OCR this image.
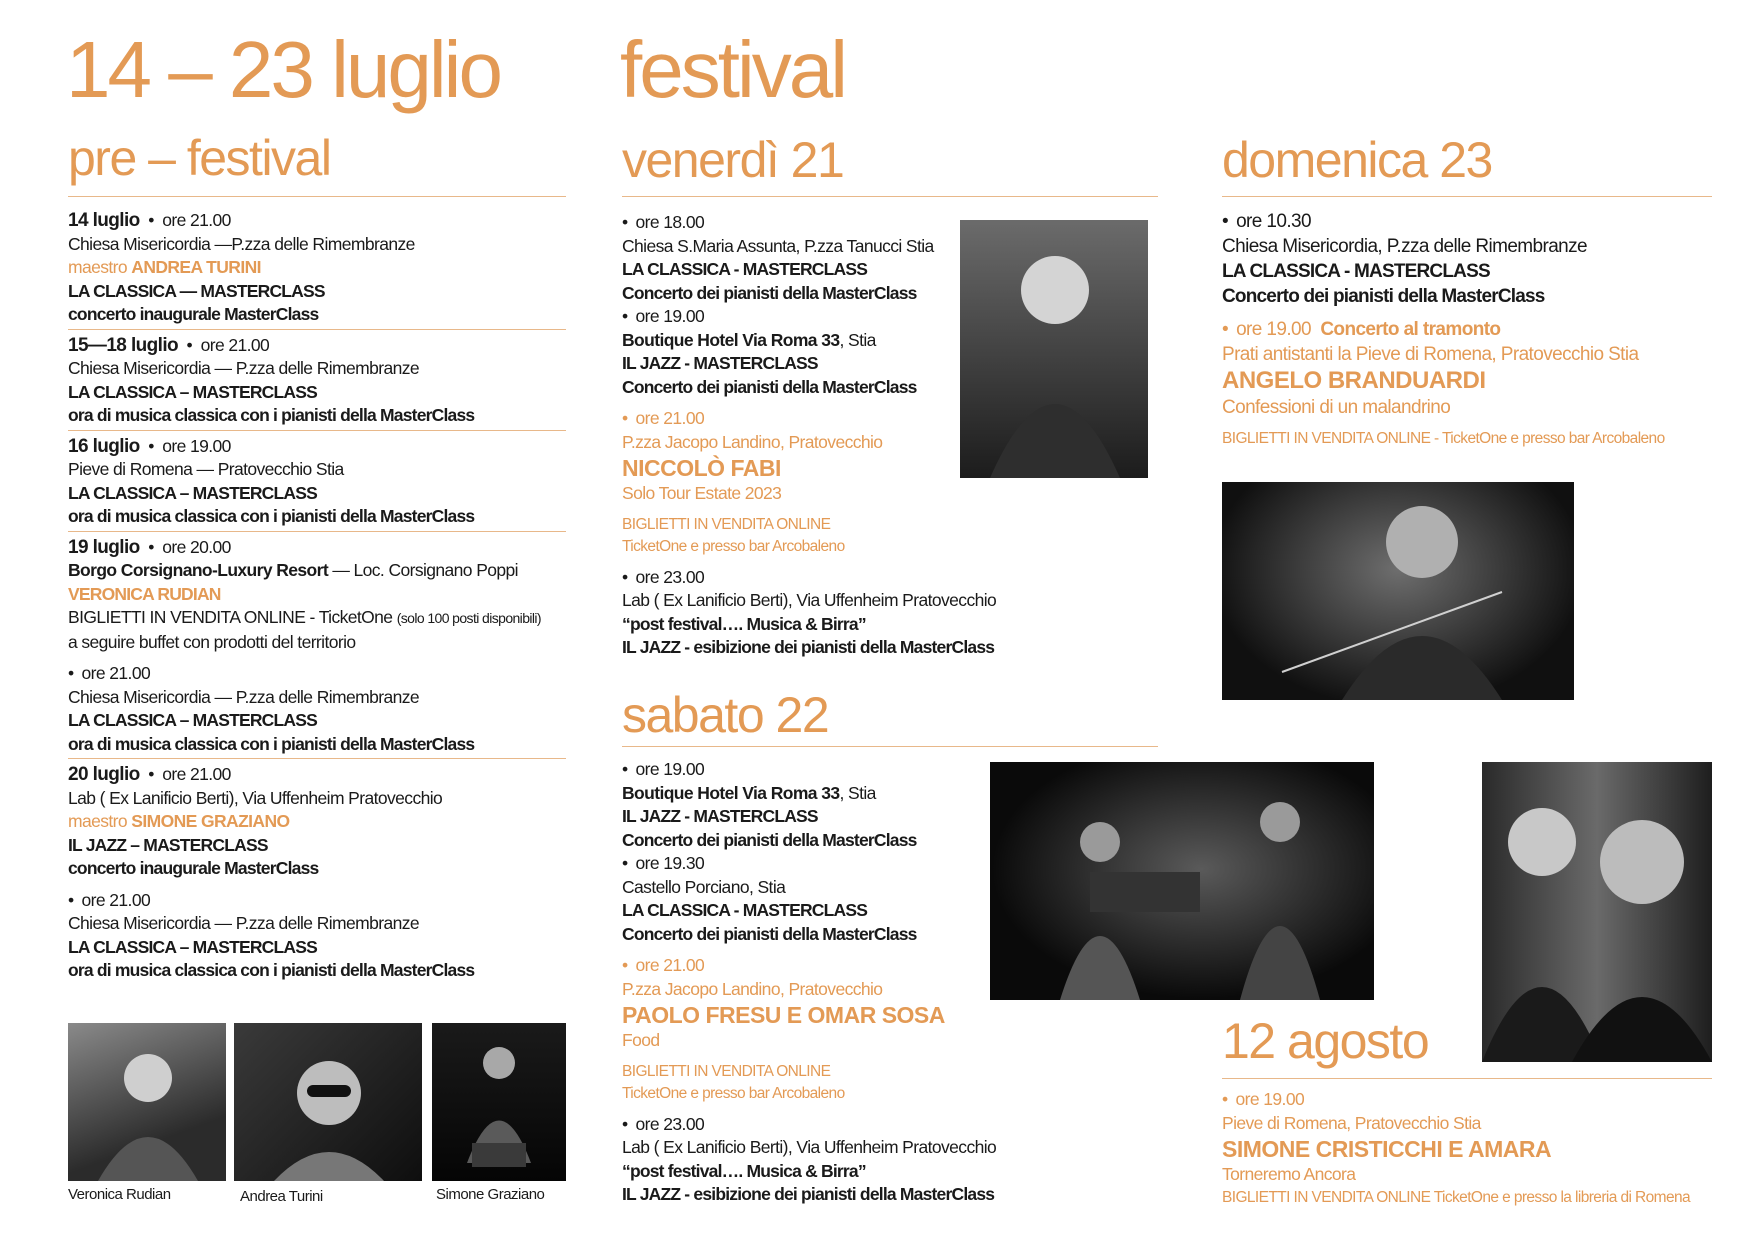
14 – 23 luglio festival
pre – festival
14 luglio  •  ore 21.00
Chiesa Misericordia —P.zza delle Rimembranze
maestro ANDREA TURINI
LA CLASSICA — MASTERCLASS
concerto inaugurale MasterClass
15—18 luglio  •  ore 21.00
Chiesa Misericordia — P.zza delle Rimembranze
LA CLASSICA – MASTERCLASS
ora di musica classica con i pianisti della MasterClass
16 luglio  •  ore 19.00
Pieve di Romena — Pratovecchio Stia
LA CLASSICA – MASTERCLASS
ora di musica classica con i pianisti della MasterClass
19 luglio  •  ore 20.00
Borgo Corsignano-Luxury Resort — Loc. Corsignano Poppi
VERONICA RUDIAN
BIGLIETTI IN VENDITA ONLINE - TicketOne (solo 100 posti disponibili)
a seguire buffet con prodotti del territorio
• ore 21.00
Chiesa Misericordia — P.zza delle Rimembranze
LA CLASSICA – MASTERCLASS
ora di musica classica con i pianisti della MasterClass
20 luglio  •  ore 21.00
Lab ( Ex Lanificio Berti), Via Uffenheim Pratovecchio
maestro SIMONE GRAZIANO
IL JAZZ – MASTERCLASS
concerto inaugurale MasterClass
• ore 21.00
Chiesa Misericordia — P.zza delle Rimembranze
LA CLASSICA – MASTERCLASS
ora di musica classica con i pianisti della MasterClass
Veronica Rudian	Andrea Turini	Simone Graziano
venerdì 21
• ore 18.00
Chiesa S.Maria Assunta, P.zza Tanucci Stia
LA CLASSICA - MASTERCLASS
Concerto dei pianisti della MasterClass
• ore 19.00
Boutique Hotel Via Roma 33, Stia
IL JAZZ - MASTERCLASS
Concerto dei pianisti della MasterClass
• ore 21.00
P.zza Jacopo Landino, Pratovecchio
NICCOLÒ FABI
Solo Tour Estate 2023
BIGLIETTI IN VENDITA ONLINE
TicketOne e presso bar Arcobaleno
• ore 23.00
Lab ( Ex Lanificio Berti), Via Uffenheim Pratovecchio
“post festival…. Musica & Birra”
IL JAZZ - esibizione dei pianisti della MasterClass
sabato 22
• ore 19.00
Boutique Hotel Via Roma 33, Stia
IL JAZZ - MASTERCLASS
Concerto dei pianisti della MasterClass
• ore 19.30
Castello Porciano, Stia
LA CLASSICA - MASTERCLASS
Concerto dei pianisti della MasterClass
• ore 21.00
P.zza Jacopo Landino, Pratovecchio
PAOLO FRESU E OMAR SOSA
Food
BIGLIETTI IN VENDITA ONLINE
TicketOne e presso bar Arcobaleno
• ore 23.00
Lab ( Ex Lanificio Berti), Via Uffenheim Pratovecchio
“post festival…. Musica & Birra”
IL JAZZ - esibizione dei pianisti della MasterClass
domenica 23
• ore 10.30
Chiesa Misericordia, P.zza delle Rimembranze
LA CLASSICA - MASTERCLASS
Concerto dei pianisti della MasterClass
• ore 19.00 Concerto al tramonto
Prati antistanti la Pieve di Romena, Pratovecchio Stia
ANGELO BRANDUARDI
Confessioni di un malandrino
BIGLIETTI IN VENDITA ONLINE - TicketOne e presso bar Arcobaleno
12 agosto
• ore 19.00
Pieve di Romena, Pratovecchio Stia
SIMONE CRISTICCHI E AMARA
Torneremo Ancora
BIGLIETTI IN VENDITA ONLINE TicketOne e presso la libreria di Romena
